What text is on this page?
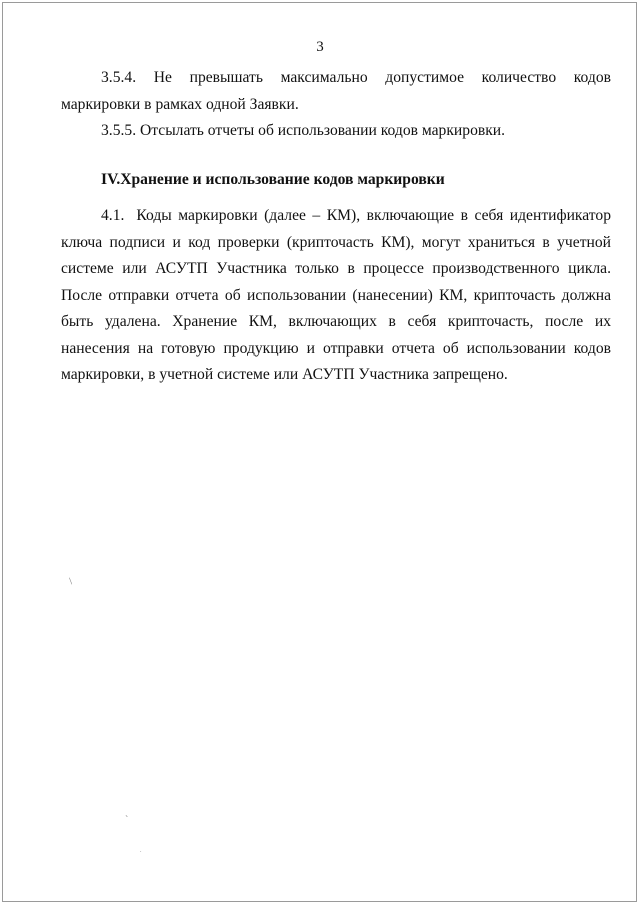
3

3.5.4. Не превышать максимально допустимое количество кодов маркировки в рамках одной Заявки.

3.5.5. Отсылать отчеты об использовании кодов маркировки.

IV.Хранение и использование кодов маркировки

4.1. Коды маркировки (далее – КМ), включающие в себя идентификатор ключа подписи и код проверки (крипточасть КМ), могут храниться в учетной системе или АСУТП Участника только в процессе производственного цикла. После отправки отчета об использовании (нанесении) КМ, крипточасть должна быть удалена. Хранение КМ, включающих в себя крипточасть, после их нанесения на готовую продукцию и отправки отчета об использовании кодов маркировки, в учетной системе или АСУТП Участника запрещено.

/
`
.
